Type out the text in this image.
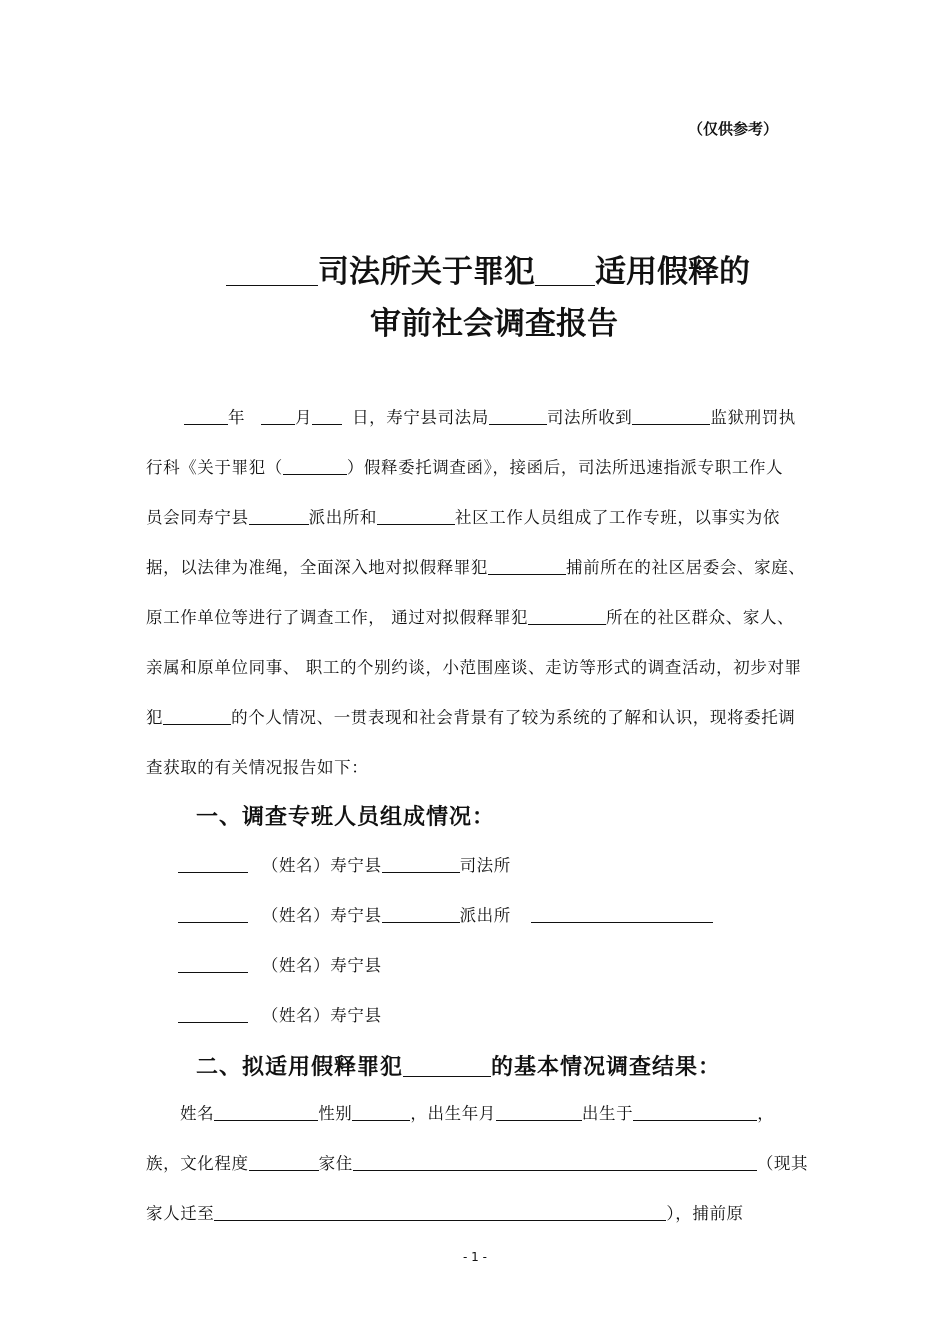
（仅供参考）
司法所关于罪犯 适用假释的
审前社会调查报告
年	月 日，寿宁县司法局	司法所收到	监狱刑罚执
行科《关于罪犯（	）假释委托调查函》，接函后，司法所迅速指派专职工作人
员会同寿宁县	派出所和	社区工作人员组成了工作专班，以事实为依
据，以法律为准绳，全面深入地对拟假释罪犯	捕前所在的社区居委会、家庭、
原工作单位等进行了调查工作， 通过对拟假释罪犯	所在的社区群众、家人、
亲属和原单位同事、 职工的个别约谈，小范围座谈、走访等形式的调查活动，初步对罪
犯	的个人情况、一贯表现和社会背景有了较为系统的了解和认识，现将委托调
查获取的有关情况报告如下：
一、调查专班人员组成情况：
（姓名）寿宁县	司法所
（姓名）寿宁县	派出所
（姓名）寿宁县
（姓名）寿宁县
二、拟适用假释罪犯	的基本情况调查结果：
姓名	性别	，出生年月	出生于	，
族，文化程度	家住	（现其
家人迁至	），捕前原
- 1 -
